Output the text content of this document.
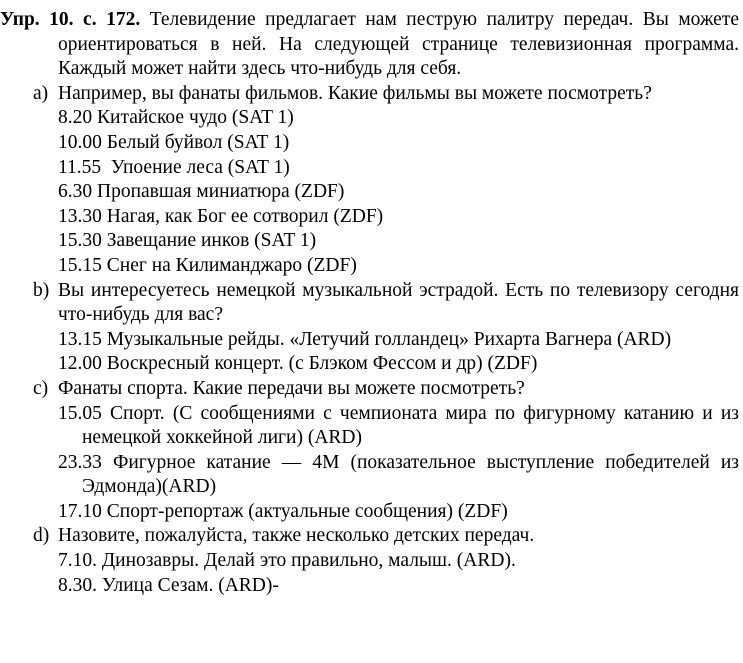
Упр. 10. с. 172. Телевидение предлагает нам пеструю палитру передач. Вы можете ориентироваться в ней. На следующей странице телевизионная программа. Каждый может найти здесь что-нибудь для себя.

a) Например, вы фанаты фильмов. Какие фильмы вы можете посмотреть?

8.20 Китайское чудо (SAT 1)
10.00 Белый буйвол (SAT 1)
11.55  Упоение леса (SAT 1)
6.30 Пропавшая миниатюра (ZDF)
13.30 Нагая, как Бог ее сотворил (ZDF)
15.30 Завещание инков (SAT 1)
15.15 Снег на Килиманджаро (ZDF)

b) Вы интересуетесь немецкой музыкальной эстрадой. Есть по телевизору сегодня что-нибудь для вас?

13.15 Музыкальные рейды. «Летучий голландец» Рихарта Вагнера (ARD)
12.00 Воскресный концерт. (с Блэком Фессом и др) (ZDF)

c) Фанаты спорта. Какие передачи вы можете посмотреть?

15.05 Спорт. (С сообщениями с чемпионата мира по фигурному катанию и из немецкой хоккейной лиги) (ARD)
23.33 Фигурное катание — 4М (показательное выступление победителей из Эдмонда)(ARD)
17.10 Спорт-репортаж (актуальные сообщения) (ZDF)

d) Назовите, пожалуйста, также несколько детских передач.

7.10. Динозавры. Делай это правильно, малыш. (ARD).
8.30. Улица Сезам. (ARD)-
